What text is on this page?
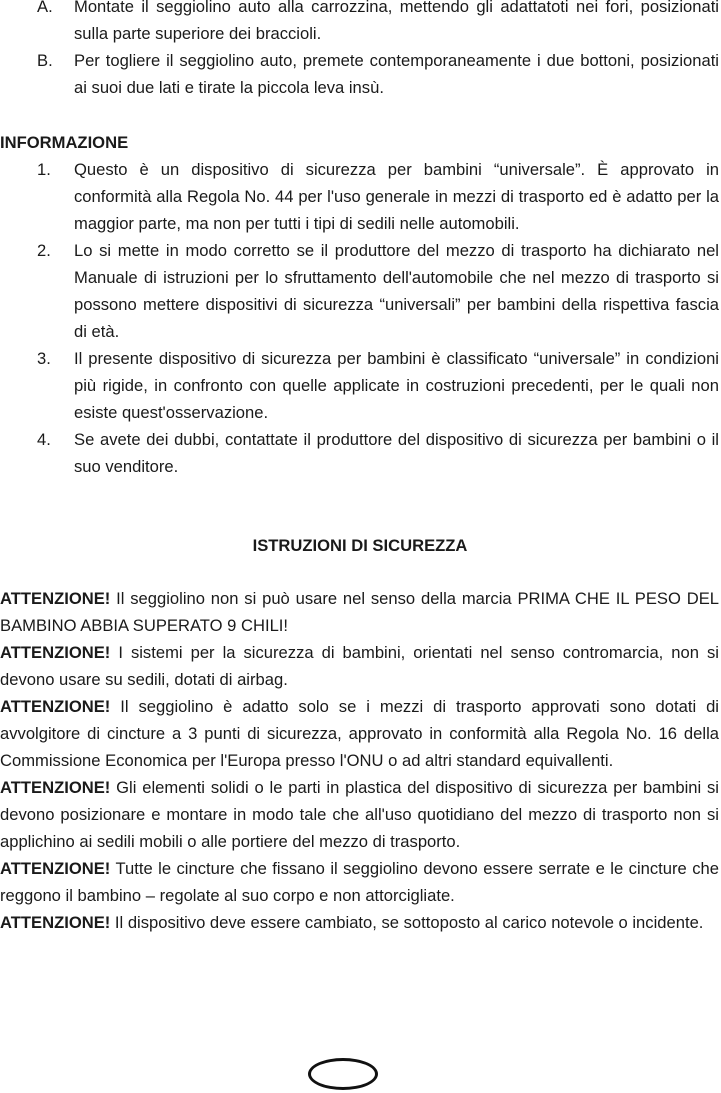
A. Montate il seggiolino auto alla carrozzina, mettendo gli adattatoti nei fori, posizionati sulla parte superiore dei braccioli.
B. Per togliere il seggiolino auto, premete contemporaneamente i due bottoni, posizionati ai suoi due lati e tirate la piccola leva insù.
INFORMAZIONE
1. Questo è un dispositivo di sicurezza per bambini “universale”. È approvato in conformità alla Regola No. 44 per l'uso generale in mezzi di trasporto ed è adatto per la maggior parte, ma non per tutti i tipi di sedili nelle automobili.
2. Lo si mette in modo corretto se il produttore del mezzo di trasporto ha dichiarato nel Manuale di istruzioni per lo sfruttamento dell'automobile che nel mezzo di trasporto si possono mettere dispositivi di sicurezza “universali” per bambini della rispettiva fascia di età.
3. Il presente dispositivo di sicurezza per bambini è classificato “universale” in condizioni più rigide, in confronto con quelle applicate in costruzioni precedenti, per le quali non esiste quest'osservazione.
4. Se avete dei dubbi, contattate il produttore del dispositivo di sicurezza per bambini o il suo venditore.
ISTRUZIONI DI SICUREZZA
ATTENZIONE! Il seggiolino non si può usare nel senso della marcia PRIMA CHE IL PESO DEL BAMBINO ABBIA SUPERATO 9 CHILI!
ATTENZIONE! I sistemi per la sicurezza di bambini, orientati nel senso contromarcia, non si devono usare su sedili, dotati di airbag.
ATTENZIONE! Il seggiolino è adatto solo se i mezzi di trasporto approvati sono dotati di avvolgitore di cincture a 3 punti di sicurezza, approvato in conformità alla Regola No. 16 della Commissione Economica per l'Europa presso l'ONU o ad altri standard equivallenti.
ATTENZIONE! Gli elementi solidi o le parti in plastica del dispositivo di sicurezza per bambini si devono posizionare e montare in modo tale che all'uso quotidiano del mezzo di trasporto non si applichino ai sedili mobili o alle portiere del mezzo di trasporto.
ATTENZIONE! Tutte le cincture che fissano il seggiolino devono essere serrate e le cincture che reggono il bambino – regolate al suo corpo e non attorcigliate.
ATTENZIONE! Il dispositivo deve essere cambiato, se sottoposto al carico notevole o incidente.
